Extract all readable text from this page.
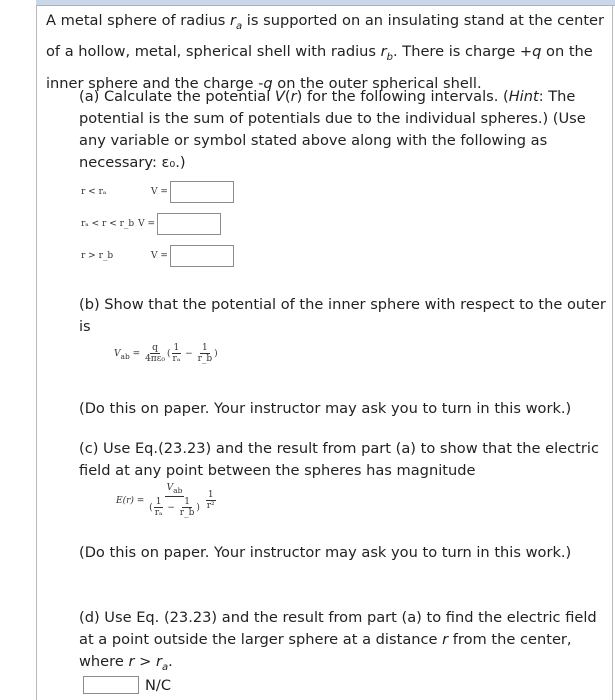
A metal sphere of radius $r_a$ is supported on an insulating stand at the center of a hollow, metal, spherical shell with radius $r_b$. There is charge +q on the inner sphere and the charge -q on the outer spherical shell.
(a) Calculate the potential V(r) for the following intervals. (Hint: The potential is the sum of potentials due to the individual spheres.) (Use any variable or symbol stated above along with the following as necessary: ε₀.)
r < rₐ	V =
rₐ < r < r_b V =
r > r_b	V =
(b) Show that the potential of the inner sphere with respect to the outer is
$V_{ab} = \frac{q}{\text{4πε₀}}$ ( $\frac{1}{\text{rₐ}} - \frac{1}{r\_b}$ )
(Do this on paper. Your instructor may ask you to turn in this work.)
(c) Use Eq.(23.23) and the result from part (a) to show that the electric field at any point between the spheres has magnitude
$E(r) = \frac{V_{ab}}{( \frac{1}{\text{rₐ}} - \frac{1}{r\_b} )}$
$\frac{1}{\text{r²}}$
(Do this on paper. Your instructor may ask you to turn in this work.)
(d) Use Eq. (23.23) and the result from part (a) to find the electric field at a point outside the larger sphere at a distance r from the center, where $r > r_a$.
N/C
